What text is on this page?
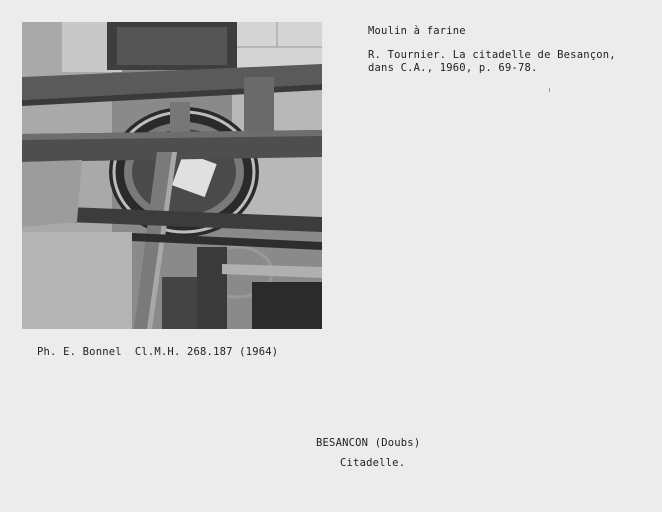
Moulin à farine
R. Tournier. La citadelle de Besançon,
dans C.A., 1960, p. 69-78.
Ph. E. Bonnel  Cl.M.H. 268.187 (1964)
BESANCON (Doubs)
Citadelle.
